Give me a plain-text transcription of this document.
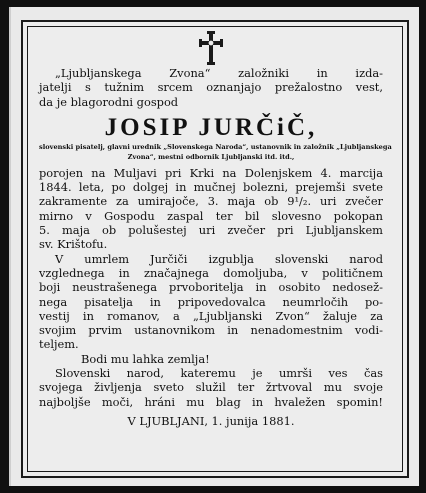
„Ljubljanskega Zvona“ založniki in izda-
jatelji s tužnim srcem oznanjajo prežalostno vest,
da je blagorodni gospod
JOSIP JURČiČ,
slovenski pisatelj, glavni urednik „Slovenskega Naroda“, ustanovnik in založnik „Ljubljanskega
Zvona“, mestni odbornik Ljubljanski itd. itd.,
porojen na Muljavi pri Krki na Dolenjskem 4. marcija
1844. leta, po dolgej in mučnej bolezni, prejemši svete
zakramente za umirajoče, 3. maja ob 9¹/₂. uri zvečer
mirno v Gospodu zaspal ter bil slovesno pokopan
5. maja ob polušestej uri zvečer pri Ljubljanskem
sv. Krištofu.
V umrlem Jurčiči izgublja slovenski narod
vzglednega in značajnega domoljuba, v političnem
boji neustrašenega prvoboritelja in osobito nedosež-
nega pisatelja in pripovedovalca neumrločih po-
vestij in romanov, a „Ljubljanski Zvon“ žaluje za
svojim prvim ustanovnikom in nenadomestnim vodi-
teljem.
Bodi mu lahka zemlja!
Slovenski narod, kateremu je umrši ves čas
svojega življenja sveto služil ter žrtvoval mu svoje
najboljše moči, hráni mu blag in hvaležen spomin!
V LJUBLJANI, 1. junija 1881.
